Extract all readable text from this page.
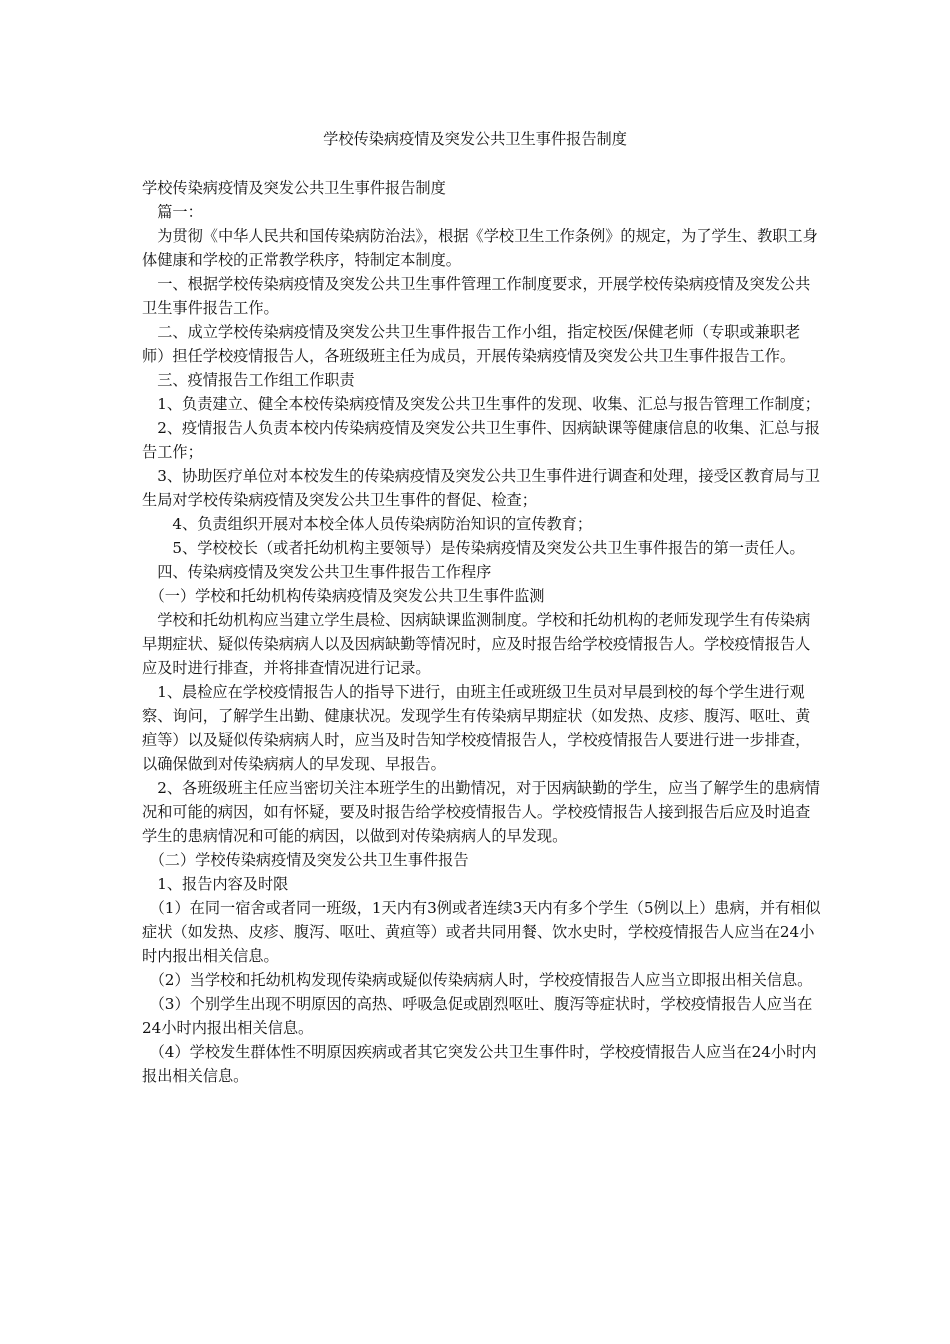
学校传染病疫情及突发公共卫生事件报告制度

学校传染病疫情及突发公共卫生事件报告制度

　篇一：

　为贯彻《中华人民共和国传染病防治法》，根据《学校卫生工作条例》的规定，为了学生、教职工身体健康和学校的正常教学秩序，特制定本制度。

　一、根据学校传染病疫情及突发公共卫生事件管理工作制度要求，开展学校传染病疫情及突发公共卫生事件报告工作。

　二、成立学校传染病疫情及突发公共卫生事件报告工作小组，指定校医/保健老师（专职或兼职老师）担任学校疫情报告人，各班级班主任为成员，开展传染病疫情及突发公共卫生事件报告工作。

　三、疫情报告工作组工作职责

　1、负责建立、健全本校传染病疫情及突发公共卫生事件的发现、收集、汇总与报告管理工作制度；

　2、疫情报告人负责本校内传染病疫情及突发公共卫生事件、因病缺课等健康信息的收集、汇总与报告工作；

　3、协助医疗单位对本校发生的传染病疫情及突发公共卫生事件进行调查和处理，接受区教育局与卫生局对学校传染病疫情及突发公共卫生事件的督促、检查；

　　4、负责组织开展对本校全体人员传染病防治知识的宣传教育；

　　5、学校校长（或者托幼机构主要领导）是传染病疫情及突发公共卫生事件报告的第一责任人。

　四、传染病疫情及突发公共卫生事件报告工作程序

　（一）学校和托幼机构传染病疫情及突发公共卫生事件监测

　学校和托幼机构应当建立学生晨检、因病缺课监测制度。学校和托幼机构的老师发现学生有传染病早期症状、疑似传染病病人以及因病缺勤等情况时，应及时报告给学校疫情报告人。学校疫情报告人应及时进行排查，并将排查情况进行记录。

　1、晨检应在学校疫情报告人的指导下进行，由班主任或班级卫生员对早晨到校的每个学生进行观察、询问，了解学生出勤、健康状况。发现学生有传染病早期症状（如发热、皮疹、腹泻、呕吐、黄疸等）以及疑似传染病病人时，应当及时告知学校疫情报告人，学校疫情报告人要进行进一步排查，以确保做到对传染病病人的早发现、早报告。

　2、各班级班主任应当密切关注本班学生的出勤情况，对于因病缺勤的学生，应当了解学生的患病情况和可能的病因，如有怀疑，要及时报告给学校疫情报告人。学校疫情报告人接到报告后应及时追查学生的患病情况和可能的病因，以做到对传染病病人的早发现。

　（二）学校传染病疫情及突发公共卫生事件报告

　1、报告内容及时限

　（1）在同一宿舍或者同一班级，1天内有3例或者连续3天内有多个学生（5例以上）患病，并有相似症状（如发热、皮疹、腹泻、呕吐、黄疸等）或者共同用餐、饮水史时，学校疫情报告人应当在24小时内报出相关信息。

　（2）当学校和托幼机构发现传染病或疑似传染病病人时，学校疫情报告人应当立即报出相关信息。

　（3）个别学生出现不明原因的高热、呼吸急促或剧烈呕吐、腹泻等症状时，学校疫情报告人应当在24小时内报出相关信息。

　（4）学校发生群体性不明原因疾病或者其它突发公共卫生事件时，学校疫情报告人应当在24小时内报出相关信息。
